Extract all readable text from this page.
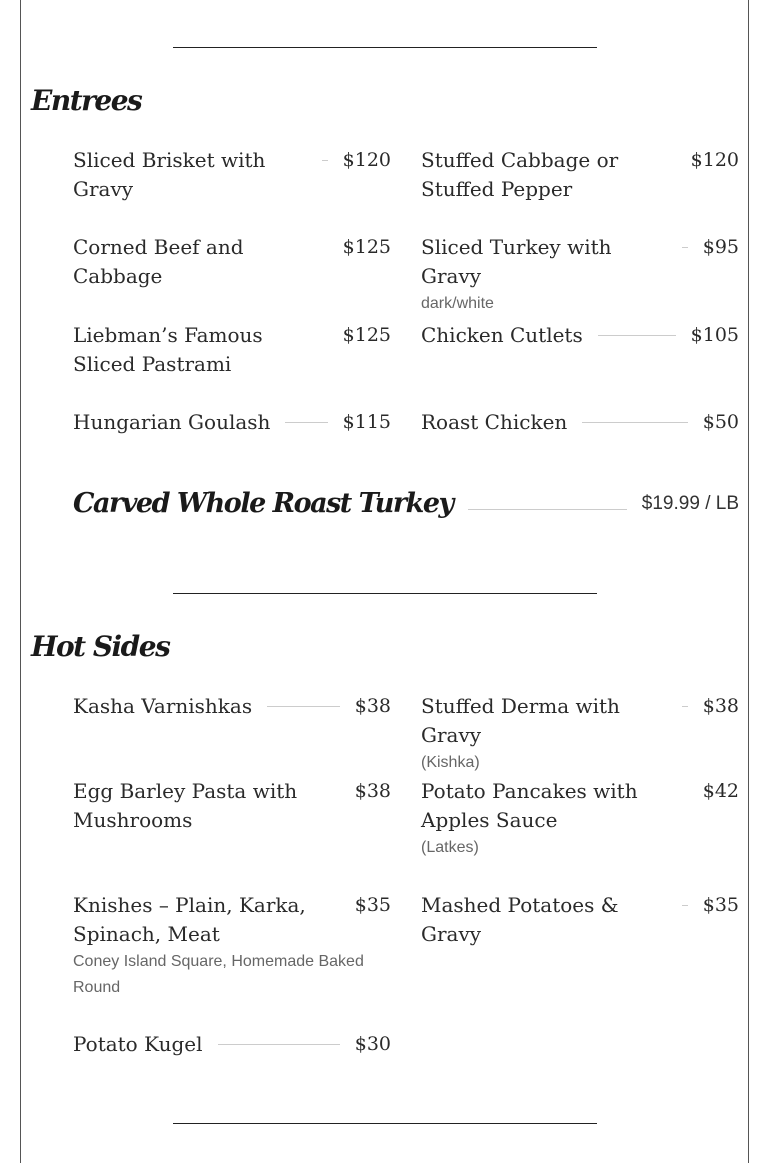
Entrees
Sliced Brisket with Gravy
$120
Corned Beef and Cabbage
$125
Liebman’s Famous Sliced Pastrami
$125
Hungarian Goulash	$115
Stuffed Cabbage or Stuffed Pepper
$120
Sliced Turkey with Gravy
$95
dark/white
Chicken Cutlets	$105
Roast Chicken	$50
Carved Whole Roast Turkey	$19.99 / LB
Hot Sides
Kasha Varnishkas	$38
Egg Barley Pasta with Mushrooms
$38
Knishes – Plain, Karka, Spinach, Meat
$35
Coney Island Square, Homemade Baked Round
Potato Kugel	$30
Stuffed Derma with Gravy
$38
(Kishka)
Potato Pancakes with Apples Sauce
$42
(Latkes)
Mashed Potatoes & Gravy
$35
